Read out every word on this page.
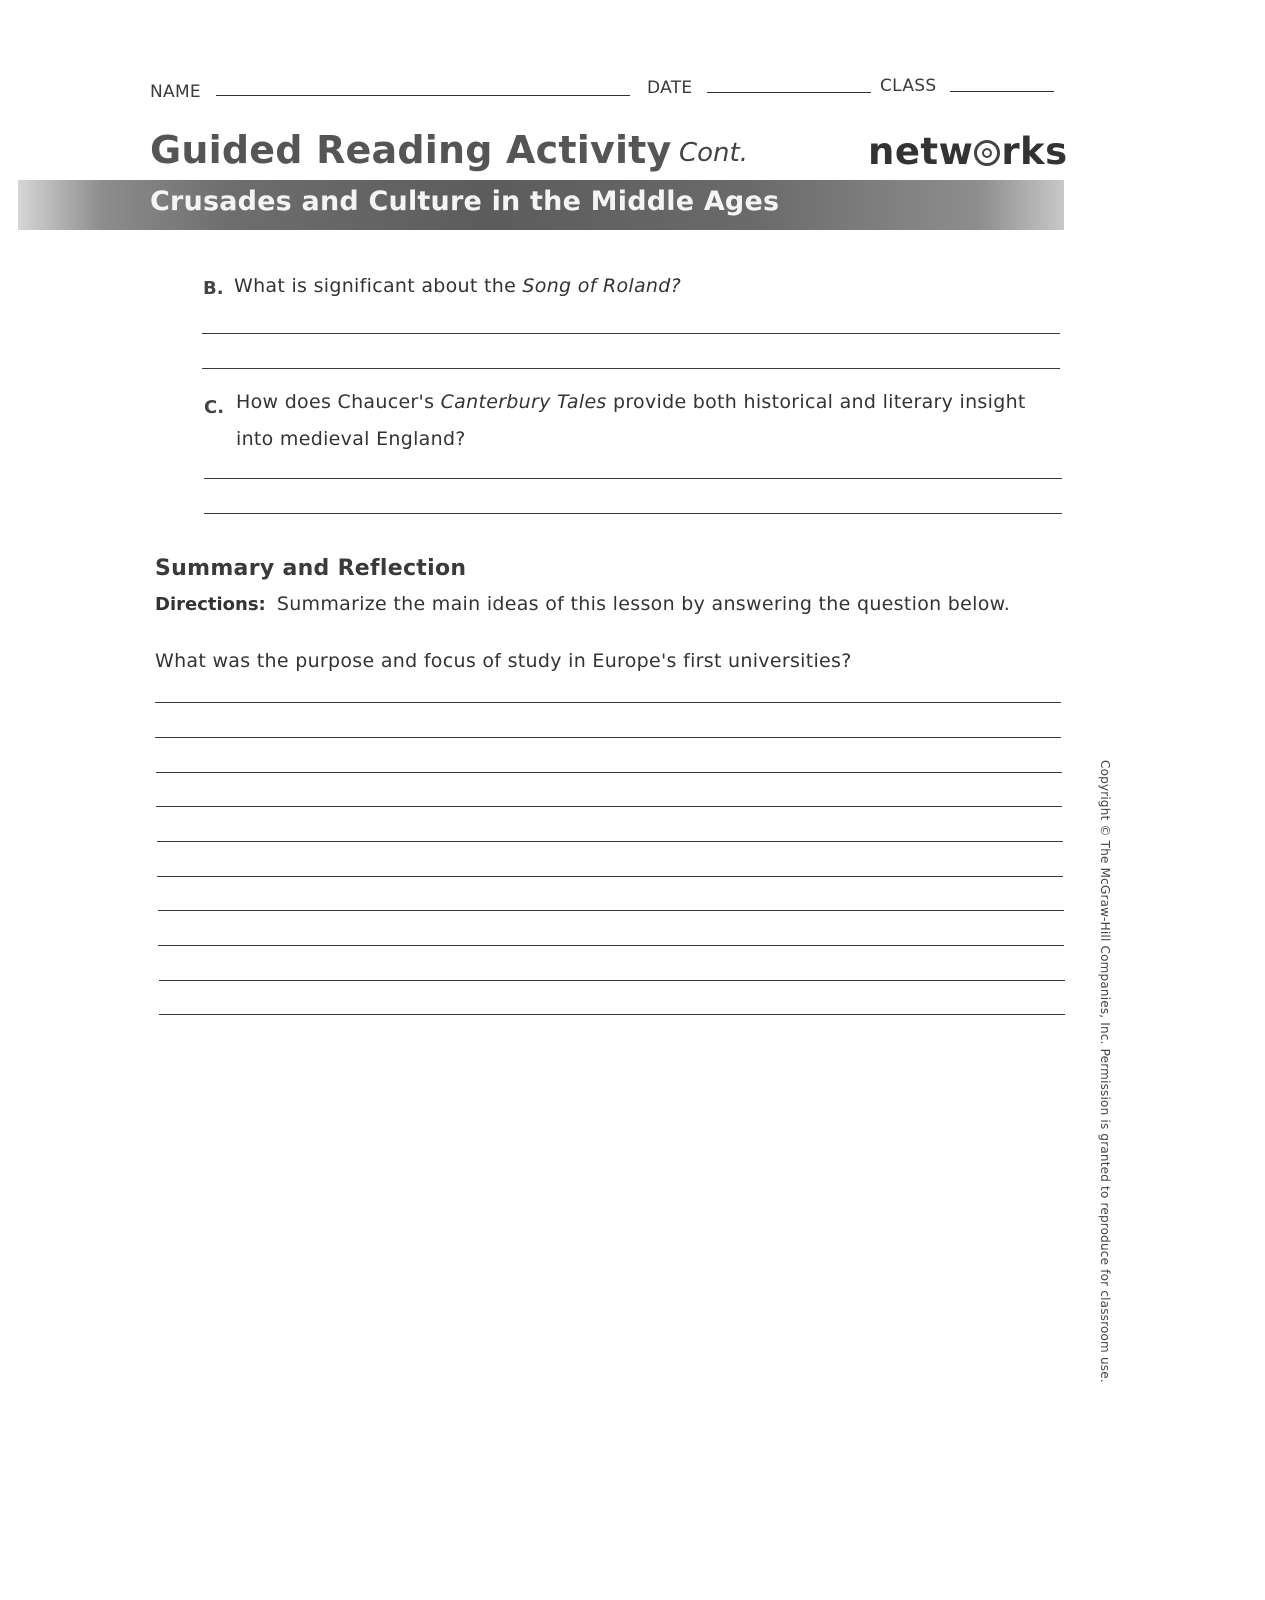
NAME	DATE	CLASS
Guided Reading Activity Cont.	netw rks
Crusades and Culture in the Middle Ages
B. What is significant about the Song of Roland?
C. How does Chaucer's Canterbury Tales provide both historical and literary insight
into medieval England?
Summary and Reflection
Directions: Summarize the main ideas of this lesson by answering the question below.
What was the purpose and focus of study in Europe's first universities?
Copyright © The McGraw-Hill Companies, Inc. Permission is granted to reproduce for classroom use.
